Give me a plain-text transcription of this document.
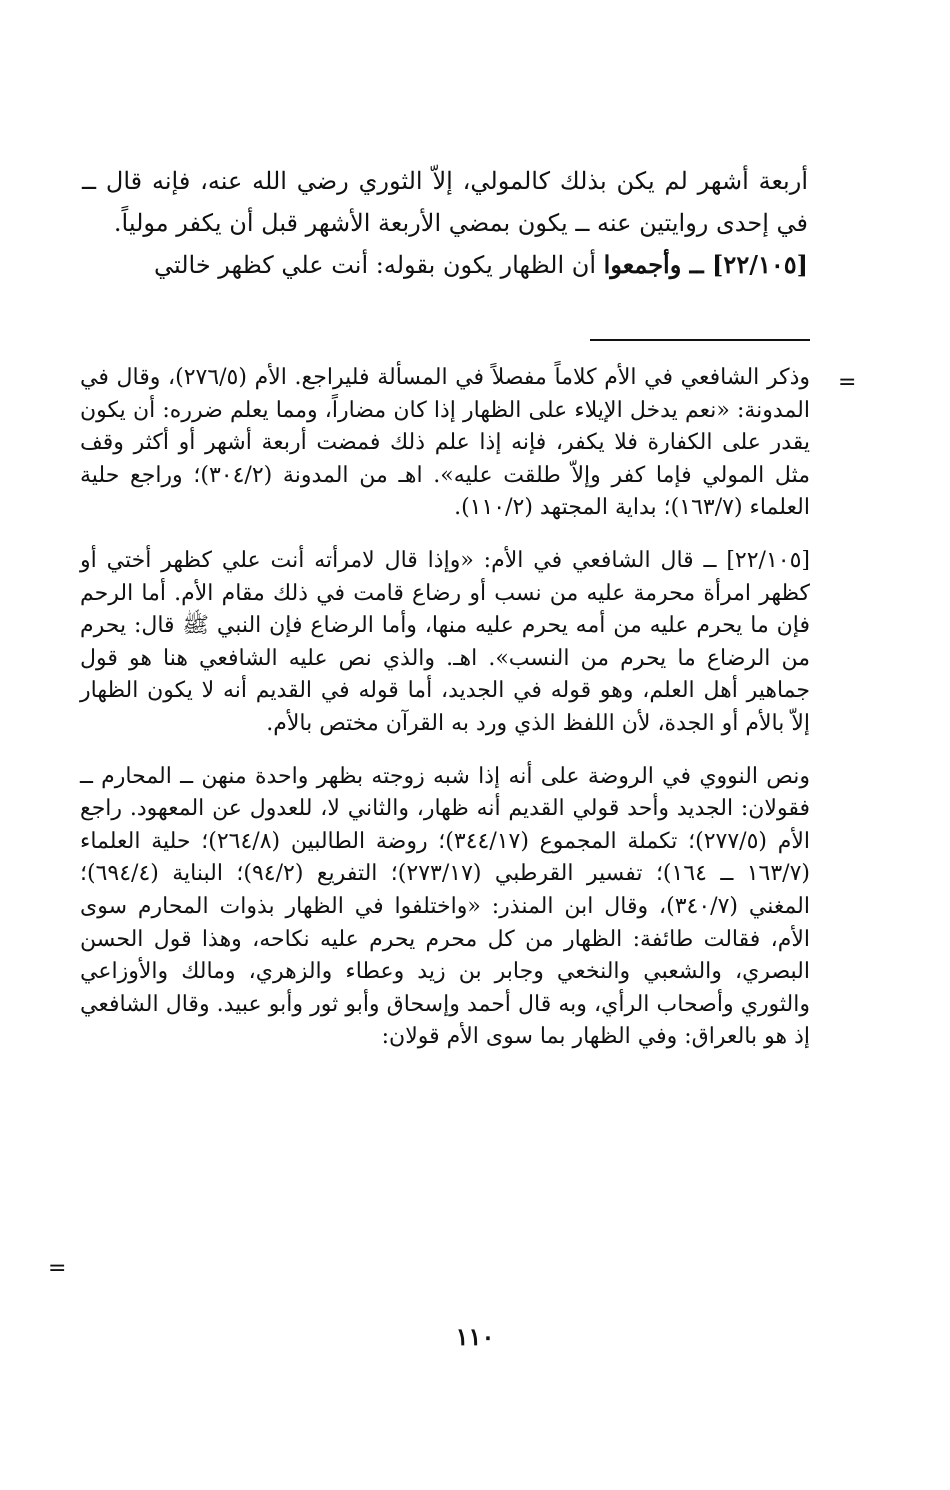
أربعة أشهر لم يكن بذلك كالمولي، إلاّ الثوري رضي الله عنه، فإنه قال ــ في إحدى روايتين عنه ــ يكون بمضي الأربعة الأشهر قبل أن يكفر مولياً.

[٢٢/١٠٥] ــ وأجمعوا أن الظهار يكون بقوله: أنت علي كظهر خالتي

=

وذكر الشافعي في الأم كلاماً مفصلاً في المسألة فليراجع. الأم (٢٧٦/٥)، وقال في المدونة: «نعم يدخل الإيلاء على الظهار إذا كان مضاراً، ومما يعلم ضرره: أن يكون يقدر على الكفارة فلا يكفر، فإنه إذا علم ذلك فمضت أربعة أشهر أو أكثر وقف مثل المولي فإما كفر وإلاّ طلقت عليه». اهـ من المدونة (٣٠٤/٢)؛ وراجع حلية العلماء (١٦٣/٧)؛ بداية المجتهد (١١٠/٢).

[٢٢/١٠٥] ــ قال الشافعي في الأم: «وإذا قال لامرأته أنت علي كظهر أختي أو كظهر امرأة محرمة عليه من نسب أو رضاع قامت في ذلك مقام الأم. أما الرحم فإن ما يحرم عليه من أمه يحرم عليه منها، وأما الرضاع فإن النبي ﷺ قال: يحرم من الرضاع ما يحرم من النسب». اهـ. والذي نص عليه الشافعي هنا هو قول جماهير أهل العلم، وهو قوله في الجديد، أما قوله في القديم أنه لا يكون الظهار إلاّ بالأم أو الجدة، لأن اللفظ الذي ورد به القرآن مختص بالأم.

ونص النووي في الروضة على أنه إذا شبه زوجته بظهر واحدة منهن ــ المحارم ــ فقولان: الجديد وأحد قولي القديم أنه ظهار، والثاني لا، للعدول عن المعهود. راجع الأم (٢٧٧/٥)؛ تكملة المجموع (٣٤٤/١٧)؛ روضة الطالبين (٢٦٤/٨)؛ حلية العلماء (١٦٣/٧ ــ ١٦٤)؛ تفسير القرطبي (٢٧٣/١٧)؛ التفريع (٩٤/٢)؛ البناية (٦٩٤/٤)؛ المغني (٣٤٠/٧)، وقال ابن المنذر: «واختلفوا في الظهار بذوات المحارم سوى الأم، فقالت طائفة: الظهار من كل محرم يحرم عليه نكاحه، وهذا قول الحسن البصري، والشعبي والنخعي وجابر بن زيد وعطاء والزهري، ومالك والأوزاعي والثوري وأصحاب الرأي، وبه قال أحمد وإسحاق وأبو ثور وأبو عبيد. وقال الشافعي إذ هو بالعراق: وفي الظهار بما سوى الأم قولان:

=
١١٠
